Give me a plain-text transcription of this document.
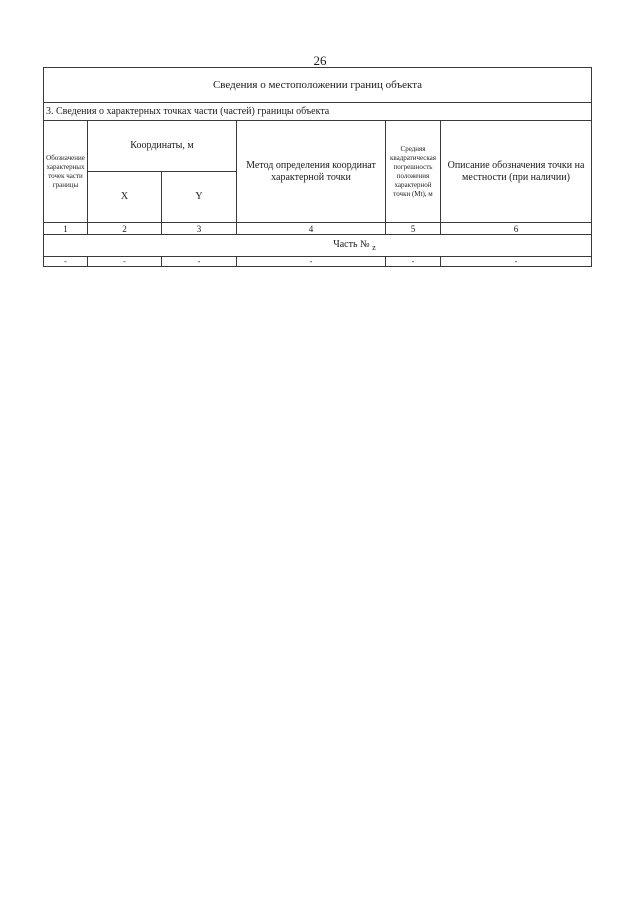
26
Сведения о местоположении границ объекта					
3. Сведения о характерных точках части (частей) границы объекта					
Обозначение характерных точек части границы	Координаты, м		Метод определения координат характерной точки	Средняя квадратическая погрешность положения характерной точки (Mt), м	Описание обозначения точки на местности (при наличии)
	X	Y			
1	2	3	4	5	6
Часть № $_z$
-	-	-	-	-	-
